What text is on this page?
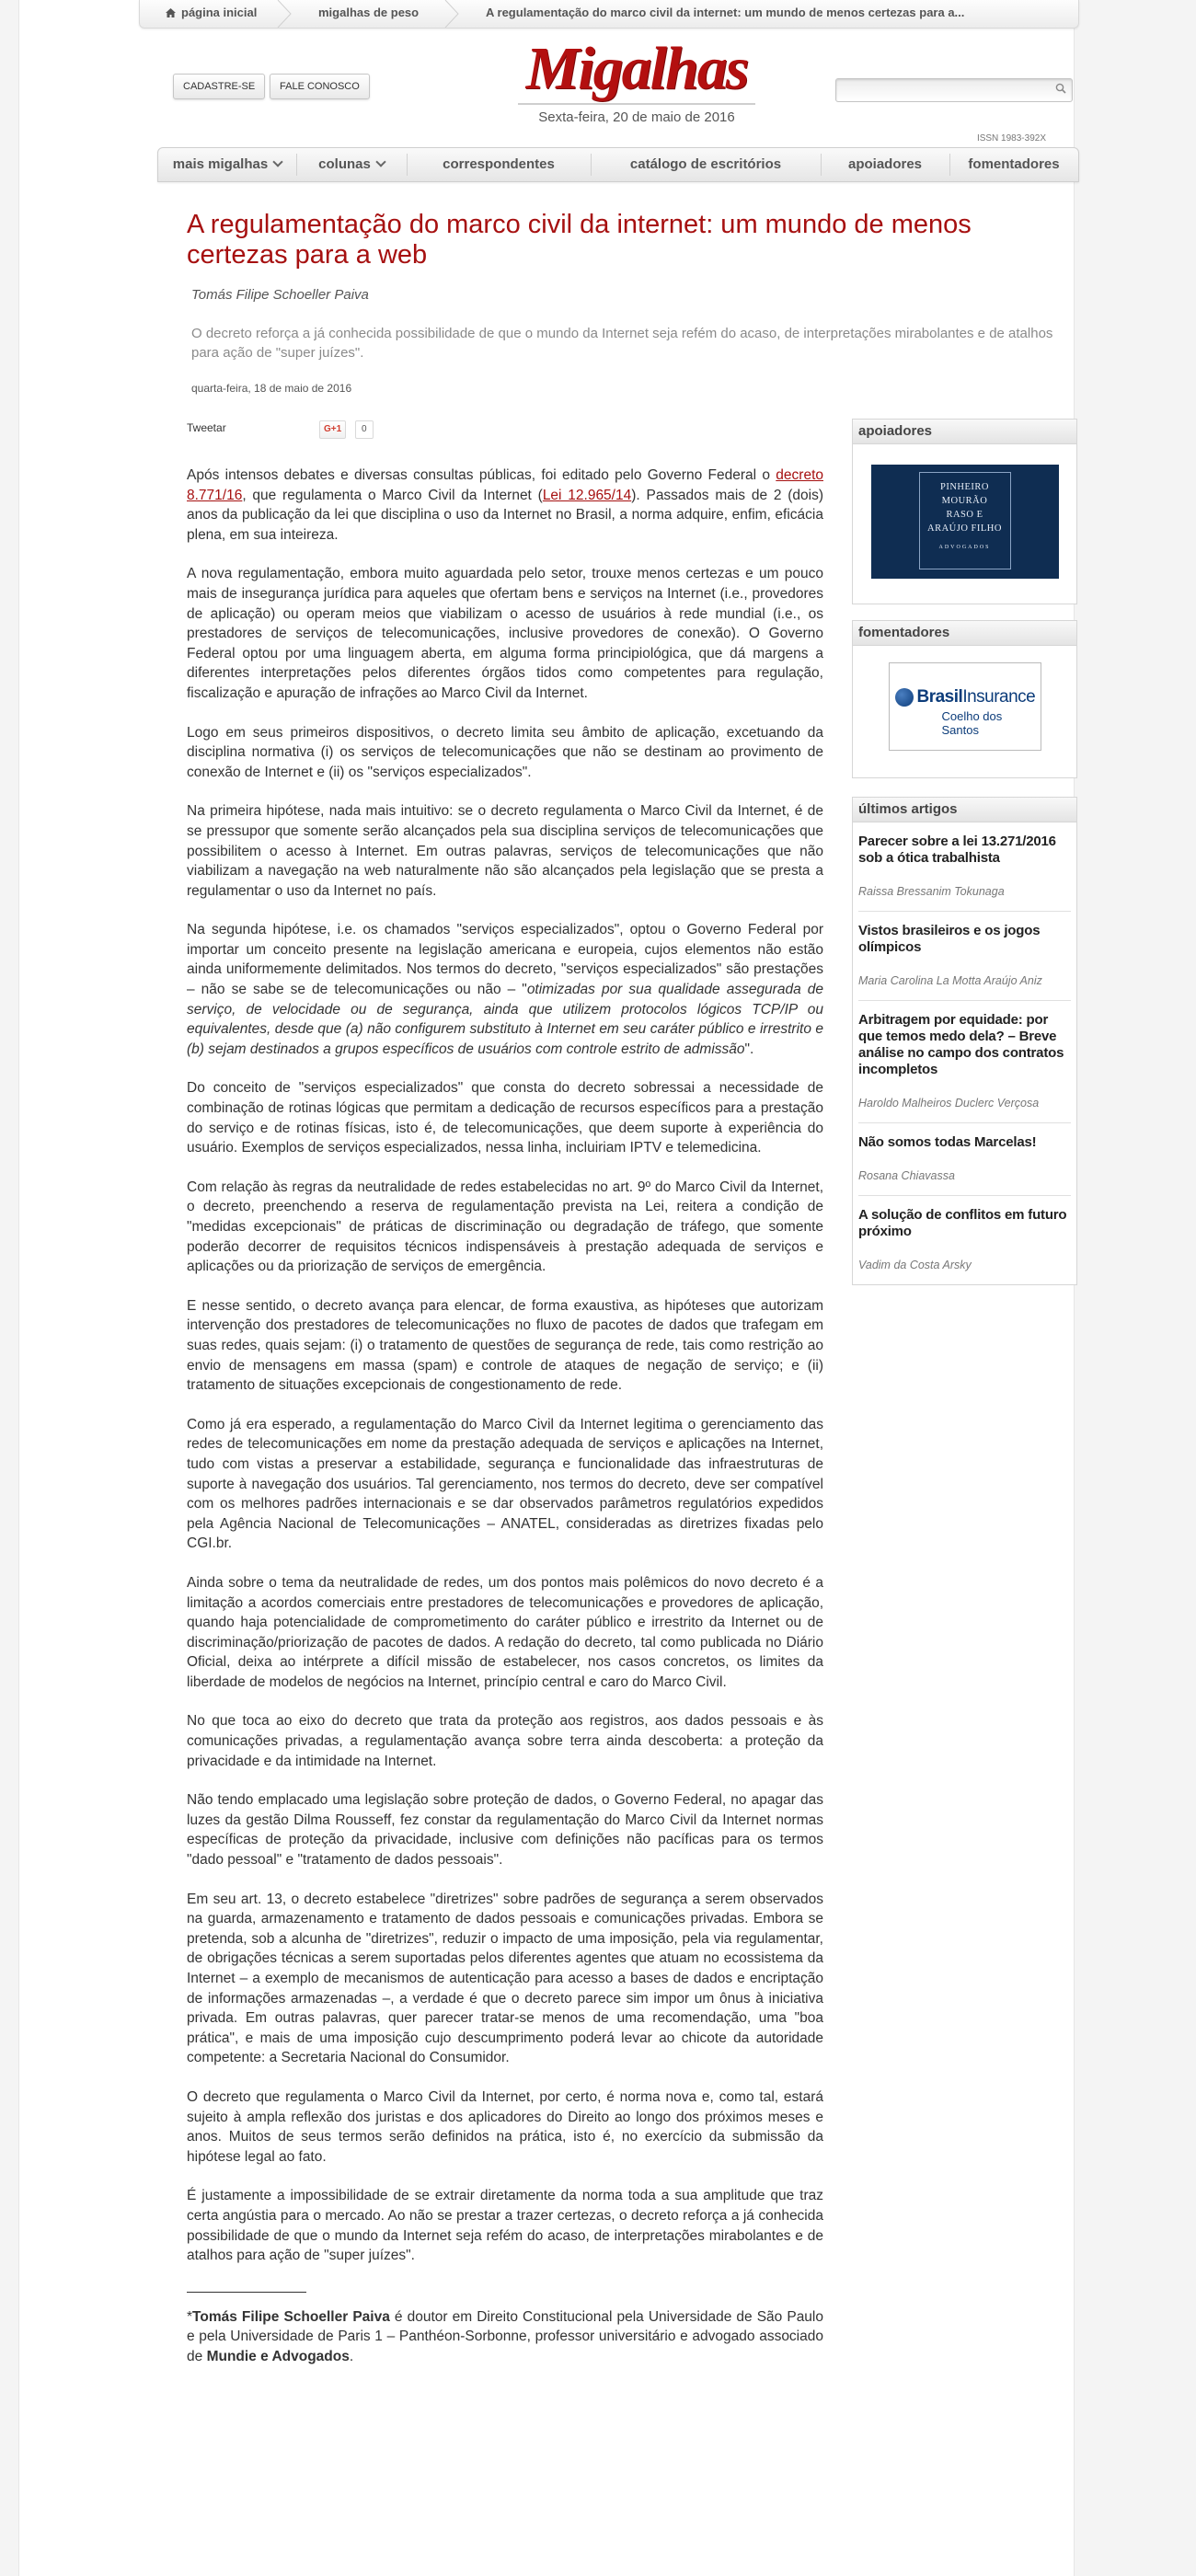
página inicial	migalhas de peso	A regulamentação do marco civil da internet: um mundo de menos certezas para a...
CADASTRE-SE	FALE CONOSCO	Migalhas
Sexta-feira, 20 de maio de 2016
ISSN 1983-392X
mais migalhas	colunas	correspondentes	catálogo de escritórios	apoiadores	fomentadores
A regulamentação do marco civil da internet: um mundo de menos certezas para a web
Tomás Filipe Schoeller Paiva
O decreto reforça a já conhecida possibilidade de que o mundo da Internet seja refém do acaso, de interpretações mirabolantes e de atalhos para ação de "super juízes".
quarta-feira, 18 de maio de 2016
Tweetar	G+1	0

Após intensos debates e diversas consultas públicas, foi editado pelo Governo Federal o decreto 8.771/16, que regulamenta o Marco Civil da Internet (Lei 12.965/14). Passados mais de 2 (dois) anos da publicação da lei que disciplina o uso da Internet no Brasil, a norma adquire, enfim, eficácia plena, em sua inteireza.

A nova regulamentação, embora muito aguardada pelo setor, trouxe menos certezas e um pouco mais de insegurança jurídica para aqueles que ofertam bens e serviços na Internet (i.e., provedores de aplicação) ou operam meios que viabilizam o acesso de usuários à rede mundial (i.e., os prestadores de serviços de telecomunicações, inclusive provedores de conexão). O Governo Federal optou por uma linguagem aberta, em alguma forma principiológica, que dá margens a diferentes interpretações pelos diferentes órgãos tidos como competentes para regulação, fiscalização e apuração de infrações ao Marco Civil da Internet.

Logo em seus primeiros dispositivos, o decreto limita seu âmbito de aplicação, excetuando da disciplina normativa (i) os serviços de telecomunicações que não se destinam ao provimento de conexão de Internet e (ii) os "serviços especializados".

Na primeira hipótese, nada mais intuitivo: se o decreto regulamenta o Marco Civil da Internet, é de se pressupor que somente serão alcançados pela sua disciplina serviços de telecomunicações que possibilitem o acesso à Internet. Em outras palavras, serviços de telecomunicações que não viabilizam a navegação na web naturalmente não são alcançados pela legislação que se presta a regulamentar o uso da Internet no país.

Na segunda hipótese, i.e. os chamados "serviços especializados", optou o Governo Federal por importar um conceito presente na legislação americana e europeia, cujos elementos não estão ainda uniformemente delimitados. Nos termos do decreto, "serviços especializados" são prestações – não se sabe se de telecomunicações ou não – "otimizadas por sua qualidade assegurada de serviço, de velocidade ou de segurança, ainda que utilizem protocolos lógicos TCP/IP ou equivalentes, desde que (a) não configurem substituto à Internet em seu caráter público e irrestrito e (b) sejam destinados a grupos específicos de usuários com controle estrito de admissão".

Do conceito de "serviços especializados" que consta do decreto sobressai a necessidade de combinação de rotinas lógicas que permitam a dedicação de recursos específicos para a prestação do serviço e de rotinas físicas, isto é, de telecomunicações, que deem suporte à experiência do usuário. Exemplos de serviços especializados, nessa linha, incluiriam IPTV e telemedicina.

Com relação às regras da neutralidade de redes estabelecidas no art. 9º do Marco Civil da Internet, o decreto, preenchendo a reserva de regulamentação prevista na Lei, reitera a condição de "medidas excepcionais" de práticas de discriminação ou degradação de tráfego, que somente poderão decorrer de requisitos técnicos indispensáveis à prestação adequada de serviços e aplicações ou da priorização de serviços de emergência.

E nesse sentido, o decreto avança para elencar, de forma exaustiva, as hipóteses que autorizam intervenção dos prestadores de telecomunicações no fluxo de pacotes de dados que trafegam em suas redes, quais sejam: (i) o tratamento de questões de segurança de rede, tais como restrição ao envio de mensagens em massa (spam) e controle de ataques de negação de serviço; e (ii) tratamento de situações excepcionais de congestionamento de rede.

Como já era esperado, a regulamentação do Marco Civil da Internet legitima o gerenciamento das redes de telecomunicações em nome da prestação adequada de serviços e aplicações na Internet, tudo com vistas a preservar a estabilidade, segurança e funcionalidade das infraestruturas de suporte à navegação dos usuários. Tal gerenciamento, nos termos do decreto, deve ser compatível com os melhores padrões internacionais e se dar observados parâmetros regulatórios expedidos pela Agência Nacional de Telecomunicações – ANATEL, consideradas as diretrizes fixadas pelo CGI.br.

Ainda sobre o tema da neutralidade de redes, um dos pontos mais polêmicos do novo decreto é a limitação a acordos comerciais entre prestadores de telecomunicações e provedores de aplicação, quando haja potencialidade de comprometimento do caráter público e irrestrito da Internet ou de discriminação/priorização de pacotes de dados. A redação do decreto, tal como publicada no Diário Oficial, deixa ao intérprete a difícil missão de estabelecer, nos casos concretos, os limites da liberdade de modelos de negócios na Internet, princípio central e caro do Marco Civil.

No que toca ao eixo do decreto que trata da proteção aos registros, aos dados pessoais e às comunicações privadas, a regulamentação avança sobre terra ainda descoberta: a proteção da privacidade e da intimidade na Internet.

Não tendo emplacado uma legislação sobre proteção de dados, o Governo Federal, no apagar das luzes da gestão Dilma Rousseff, fez constar da regulamentação do Marco Civil da Internet normas específicas de proteção da privacidade, inclusive com definições não pacíficas para os termos "dado pessoal" e "tratamento de dados pessoais".

Em seu art. 13, o decreto estabelece "diretrizes" sobre padrões de segurança a serem observados na guarda, armazenamento e tratamento de dados pessoais e comunicações privadas. Embora se pretenda, sob a alcunha de "diretrizes", reduzir o impacto de uma imposição, pela via regulamentar, de obrigações técnicas a serem suportadas pelos diferentes agentes que atuam no ecossistema da Internet – a exemplo de mecanismos de autenticação para acesso a bases de dados e encriptação de informações armazenadas –, a verdade é que o decreto parece sim impor um ônus à iniciativa privada. Em outras palavras, quer parecer tratar-se menos de uma recomendação, uma "boa prática", e mais de uma imposição cujo descumprimento poderá levar ao chicote da autoridade competente: a Secretaria Nacional do Consumidor.

O decreto que regulamenta o Marco Civil da Internet, por certo, é norma nova e, como tal, estará sujeito à ampla reflexão dos juristas e dos aplicadores do Direito ao longo dos próximos meses e anos. Muitos de seus termos serão definidos na prática, isto é, no exercício da submissão da hipótese legal ao fato.

É justamente a impossibilidade de se extrair diretamente da norma toda a sua amplitude que traz certa angústia para o mercado. Ao não se prestar a trazer certezas, o decreto reforça a já conhecida possibilidade de que o mundo da Internet seja refém do acaso, de interpretações mirabolantes e de atalhos para ação de "super juízes".

*Tomás Filipe Schoeller Paiva é doutor em Direito Constitucional pela Universidade de São Paulo e pela Universidade de Paris 1 – Panthéon-Sorbonne, professor universitário e advogado associado de Mundie e Advogados.

apoiadores
PINHEIRO
MOURÃO
RASO E
ARAÚJO FILHO
ADVOGADOS
fomentadores
BrasilInsurance
Coelho dos Santos
últimos artigos
Parecer sobre a lei 13.271/2016 sob a ótica trabalhista
Raissa Bressanim Tokunaga
Vistos brasileiros e os jogos olímpicos
Maria Carolina La Motta Araújo Aniz
Arbitragem por equidade: por que temos medo dela? – Breve análise no campo dos contratos incompletos
Haroldo Malheiros Duclerc Verçosa
Não somos todas Marcelas!
Rosana Chiavassa
A solução de conflitos em futuro próximo
Vadim da Costa Arsky
